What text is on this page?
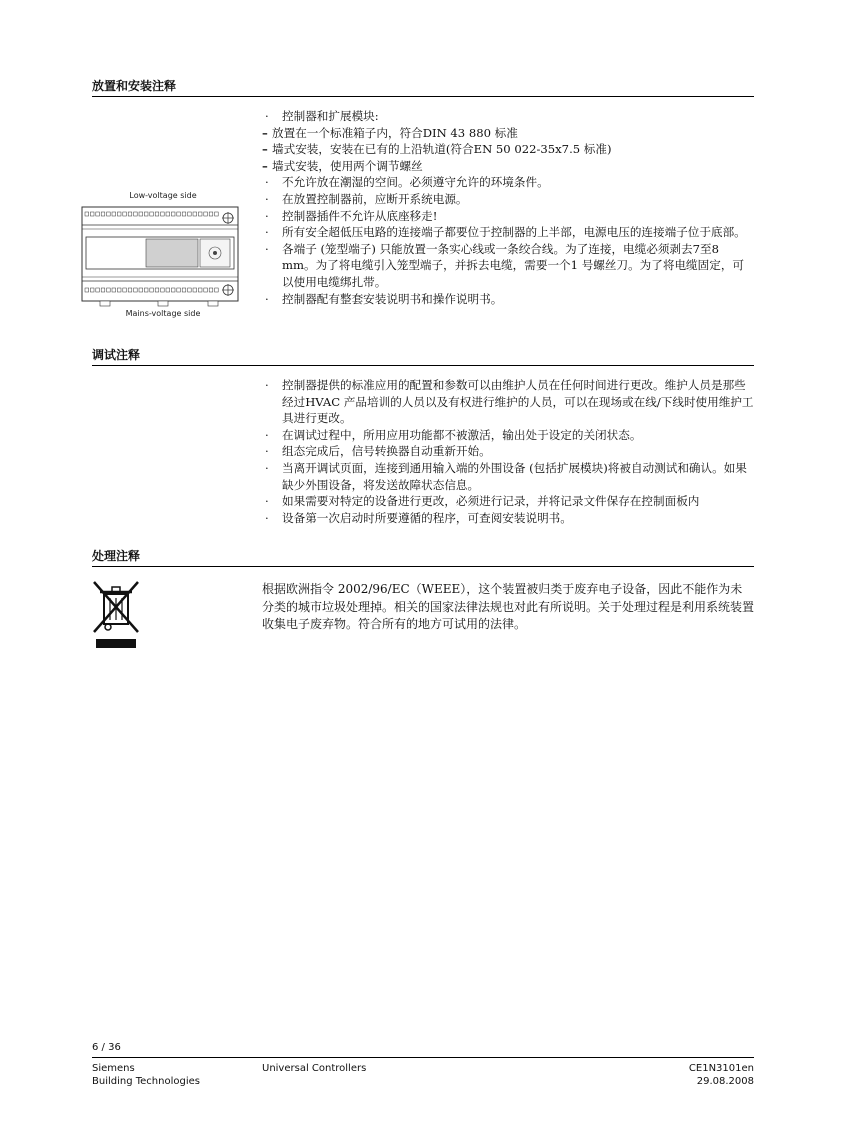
放置和安装注释
Low-voltage side
Mains-voltage side
· 控制器和扩展模块:
– 放置在一个标准箱子内，符合DIN 43 880 标准
– 墙式安装，安装在已有的上沿轨道(符合EN 50 022-35x7.5 标准)
– 墙式安装，使用两个调节螺丝
· 不允许放在潮湿的空间。必须遵守允许的环境条件。
· 在放置控制器前，应断开系统电源。
· 控制器插件不允许从底座移走!
· 所有安全超低压电路的连接端子都要位于控制器的上半部，电源电压的连接端子位于底部。
· 各端子 (笼型端子) 只能放置一条实心线或一条绞合线。为了连接，电缆必须剥去7至8 mm。为了将电缆引入笼型端子，并拆去电缆，需要一个1 号螺丝刀。为了将电缆固定，可以使用电缆绑扎带。
· 控制器配有整套安装说明书和操作说明书。
调试注释
· 控制器提供的标准应用的配置和参数可以由维护人员在任何时间进行更改。维护人员是那些经过HVAC 产品培训的人员以及有权进行维护的人员，可以在现场或在线/下线时使用维护工具进行更改。
· 在调试过程中，所用应用功能都不被激活，输出处于设定的关闭状态。
· 组态完成后，信号转换器自动重新开始。
· 当离开调试页面，连接到通用输入端的外围设备 (包括扩展模块)将被自动测试和确认。如果缺少外围设备，将发送故障状态信息。
· 如果需要对特定的设备进行更改，必须进行记录，并将记录文件保存在控制面板内
· 设备第一次启动时所要遵循的程序，可查阅安装说明书。
处理注释
根据欧洲指令 2002/96/EC（WEEE），这个装置被归类于废弃电子设备，因此不能作为未分类的城市垃圾处理掉。相关的国家法律法规也对此有所说明。关于处理过程是利用系统装置收集电子废弃物。符合所有的地方可试用的法律。
6 / 36
Siemens
Building Technologies
Universal Controllers	CE1N3101en
29.08.2008
